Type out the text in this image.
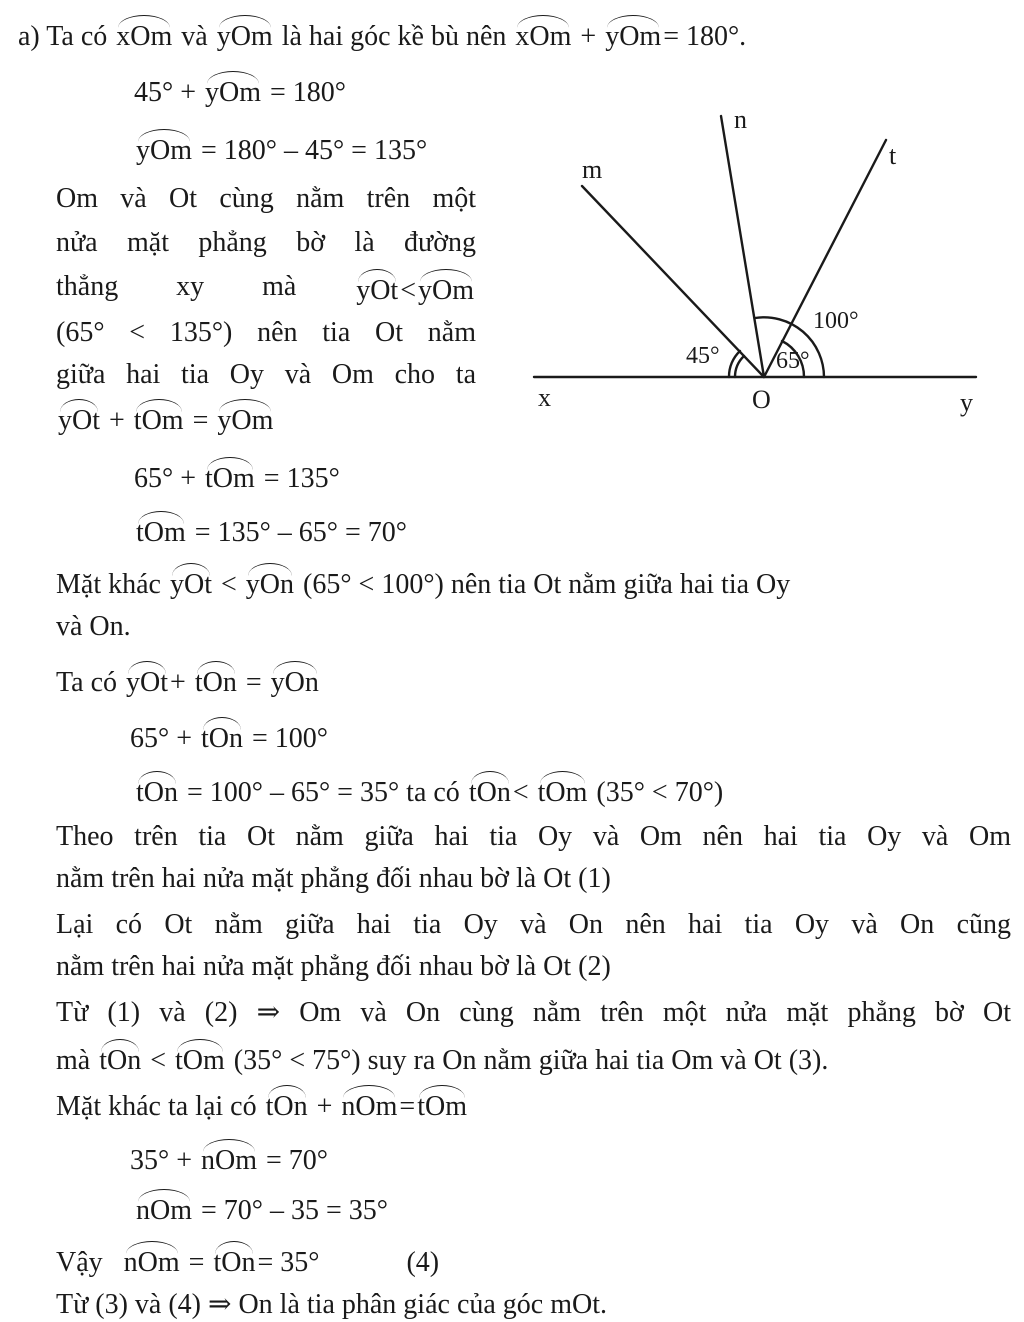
a) Ta có xOm và yOm là hai góc kề bù nên xOm + yOm= 180°.
45° + yOm = 180°
yOm = 180° – 45° = 135°
Om và Ot cùng nằm trên một
nửa mặt phẳng bờ là đường
thẳng xy mà yOt<yOm
(65° < 135°) nên tia Ot nằm
giữa hai tia Oy và Om cho ta
yOt + tOm = yOm
65° + tOm = 135°
tOm = 135° – 65° = 70°
Mặt khác yOt < yOn (65° < 100°) nên tia Ot nằm giữa hai tia Oy
và On.
Ta có yOt+ tOn = yOn
65° + tOn = 100°
tOn = 100° – 65° = 35° ta có tOn< tOm (35° < 70°)
Theo trên tia Ot nằm giữa hai tia Oy và Om nên hai tia Oy và Om
nằm trên hai nửa mặt phẳng đối nhau bờ là Ot (1)
Lại có Ot nằm giữa hai tia Oy và On nên hai tia Oy và On cũng
nằm trên hai nửa mặt phẳng đối nhau bờ là Ot (2)
Từ (1) và (2) ⇒ Om và On cùng nằm trên một nửa mặt phẳng bờ Ot
mà tOn < tOm (35° < 75°) suy ra On nằm giữa hai tia Om và Ot (3).
Mặt khác ta lại có tOn + nOm=tOm
35° + nOm = 70°
nOm = 70° – 35 = 35°
Vậy nOm = tOn= 35°	(4)
Từ (3) và (4) ⇒ On là tia phân giác của góc mOt.
m
n
t
x	O	y
45° 65°
100°
